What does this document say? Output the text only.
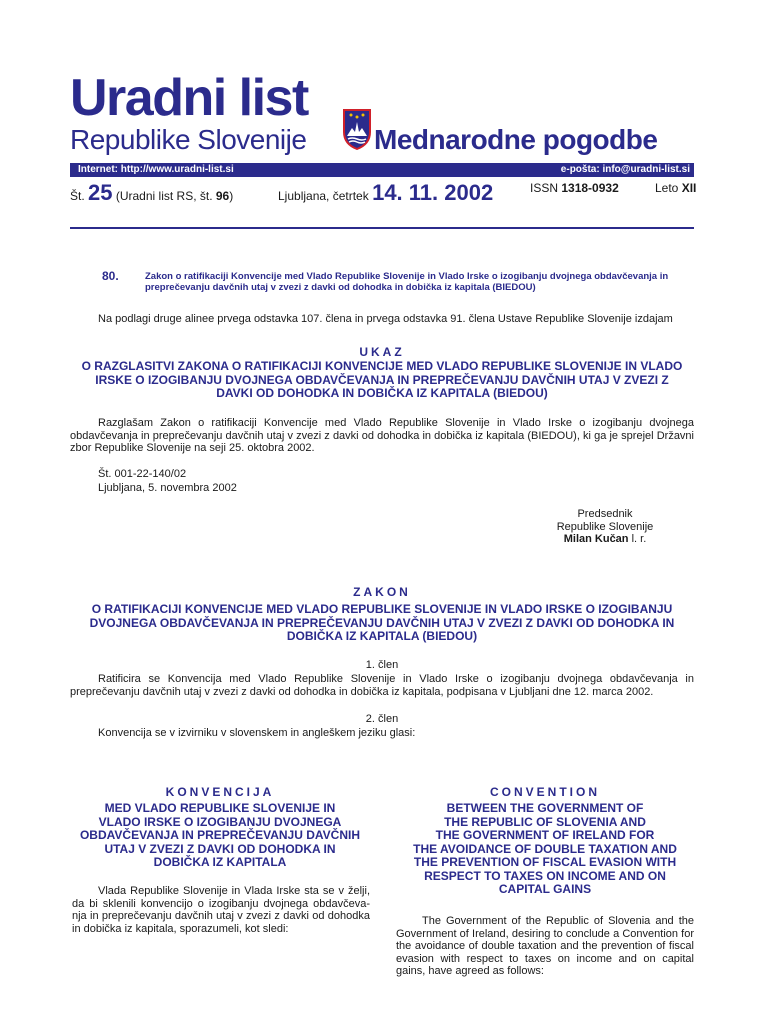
Uradni list
Republike Slovenije Mednarodne pogodbe
Internet: http://www.uradni-list.si	e-pošta: info@uradni-list.si
Št. 25 (Uradni list RS, št. 96)	Ljubljana, četrtek 14. 11. 2002	ISSN 1318-0932	Leto XII
80.	Zakon o ratifikaciji Konvencije med Vlado Republike Slovenije in Vlado Irske o izogibanju dvojnega obdavčevanja in
preprečevanju davčnih utaj v zvezi z davki od dohodka in dobička iz kapitala (BIEDOU)
Na podlagi druge alinee prvega odstavka 107. člena in prvega odstavka 91. člena Ustave Republike Slovenije izdajam
UKAZ
O RAZGLASITVI ZAKONA O RATIFIKACIJI KONVENCIJE MED VLADO REPUBLIKE SLOVENIJE IN VLADO
IRSKE O IZOGIBANJU DVOJNEGA OBDAVČEVANJA IN PREPREČEVANJU DAVČNIH UTAJ V ZVEZI Z
DAVKI OD DOHODKA IN DOBIČKA IZ KAPITALA (BIEDOU)
Razglašam Zakon o ratifikaciji Konvencije med Vlado Republike Slovenije in Vlado Irske o izogibanju dvojnega obdavčevanja in preprečevanju davčnih utaj v zvezi z davki od dohodka in dobička iz kapitala (BIEDOU), ki ga je sprejel Državni zbor Republike Slovenije na seji 25. oktobra 2002.
Št. 001-22-140/02
Ljubljana, 5. novembra 2002
Predsednik
Republike Slovenije
Milan Kučan l. r.
ZAKON
O RATIFIKACIJI KONVENCIJE MED VLADO REPUBLIKE SLOVENIJE IN VLADO IRSKE O IZOGIBANJU
DVOJNEGA OBDAVČEVANJA IN PREPREČEVANJU DAVČNIH UTAJ V ZVEZI Z DAVKI OD DOHODKA IN
DOBIČKA IZ KAPITALA (BIEDOU)
1. člen
Ratificira se Konvencija med Vlado Republike Slovenije in Vlado Irske o izogibanju dvojnega obdavčevanja in preprečevanju davčnih utaj v zvezi z davki od dohodka in dobička iz kapitala, podpisana v Ljubljani dne 12. marca 2002.
2. člen
Konvencija se v izvirniku v slovenskem in angleškem jeziku glasi:
KONVENCIJA
MED VLADO REPUBLIKE SLOVENIJE IN
VLADO IRSKE O IZOGIBANJU DVOJNEGA
OBDAVČEVANJA IN PREPREČEVANJU DAVČNIH
UTAJ V ZVEZI Z DAVKI OD DOHODKA IN
DOBIČKA IZ KAPITALA
Vlada Republike Slovenije in Vlada Irske sta se v želji, da bi sklenili konvencijo o izogibanju dvojnega obdavčeva-nja in preprečevanju davčnih utaj v zvezi z davki od dohodka in dobička iz kapitala, sporazumeli, kot sledi:
CONVENTION
BETWEEN THE GOVERNMENT OF
THE REPUBLIC OF SLOVENIA AND
THE GOVERNMENT OF IRELAND FOR
THE AVOIDANCE OF DOUBLE TAXATION AND
THE PREVENTION OF FISCAL EVASION WITH
RESPECT TO TAXES ON INCOME AND ON
CAPITAL GAINS
The Government of the Republic of Slovenia and the Government of Ireland, desiring to conclude a Convention for the avoidance of double taxation and the prevention of fiscal evasion with respect to taxes on income and on capital gains, have agreed as follows:
